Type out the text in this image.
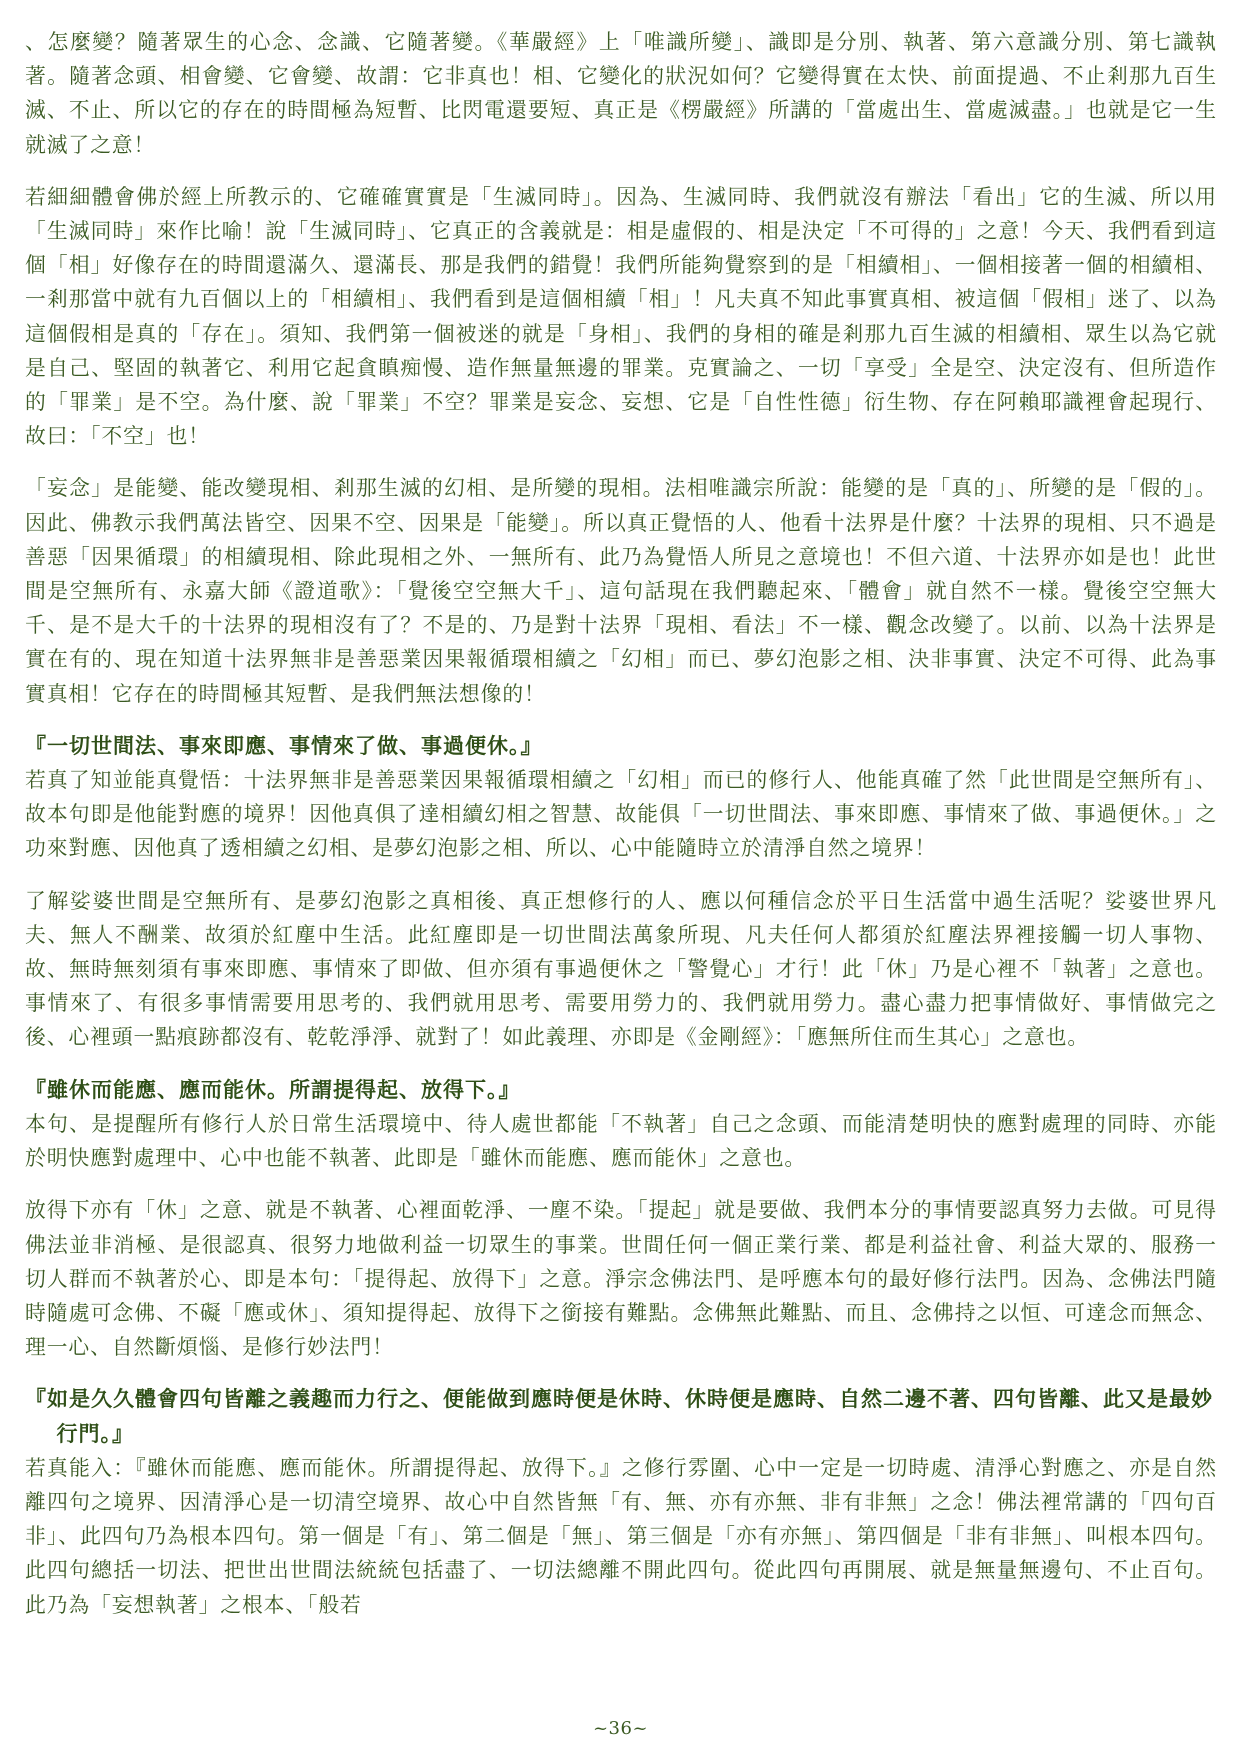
、怎麼變？隨著眾生的心念、念識、它隨著變。《華嚴經》上「唯識所變」、識即是分別、執著、第六意識分別、第七識執著。隨著念頭、相會變、它會變、故謂：它非真也！相、它變化的狀況如何？它變得實在太快、前面提過、不止剎那九百生滅、不止、所以它的存在的時間極為短暫、比閃電還要短、真正是《楞嚴經》所講的「當處出生、當處滅盡。」也就是它一生就滅了之意！

若細細體會佛於經上所教示的、它確確實實是「生滅同時」。因為、生滅同時、我們就沒有辦法「看出」它的生滅、所以用「生滅同時」來作比喻！說「生滅同時」、它真正的含義就是：相是虛假的、相是決定「不可得的」之意！今天、我們看到這個「相」好像存在的時間還滿久、還滿長、那是我們的錯覺！我們所能夠覺察到的是「相續相」、一個相接著一個的相續相、一剎那當中就有九百個以上的「相續相」、我們看到是這個相續「相」！凡夫真不知此事實真相、被這個「假相」迷了、以為這個假相是真的「存在」。須知、我們第一個被迷的就是「身相」、我們的身相的確是剎那九百生滅的相續相、眾生以為它就是自己、堅固的執著它、利用它起貪瞋痴慢、造作無量無邊的罪業。克實論之、一切「享受」全是空、決定沒有、但所造作的「罪業」是不空。為什麼、說「罪業」不空？罪業是妄念、妄想、它是「自性性德」衍生物、存在阿賴耶識裡會起現行、故曰：「不空」也！

「妄念」是能變、能改變現相、剎那生滅的幻相、是所變的現相。法相唯識宗所說：能變的是「真的」、所變的是「假的」。因此、佛教示我們萬法皆空、因果不空、因果是「能變」。所以真正覺悟的人、他看十法界是什麼？十法界的現相、只不過是善惡「因果循環」的相續現相、除此現相之外、一無所有、此乃為覺悟人所見之意境也！不但六道、十法界亦如是也！此世間是空無所有、永嘉大師《證道歌》：「覺後空空無大千」、這句話現在我們聽起來、「體會」就自然不一樣。覺後空空無大千、是不是大千的十法界的現相沒有了？不是的、乃是對十法界「現相、看法」不一樣、觀念改變了。以前、以為十法界是實在有的、現在知道十法界無非是善惡業因果報循環相續之「幻相」而已、夢幻泡影之相、決非事實、決定不可得、此為事實真相！它存在的時間極其短暫、是我們無法想像的！

『一切世間法、事來即應、事情來了做、事過便休。』

若真了知並能真覺悟：十法界無非是善惡業因果報循環相續之「幻相」而已的修行人、他能真確了然「此世間是空無所有」、故本句即是他能對應的境界！因他真俱了達相續幻相之智慧、故能俱「一切世間法、事來即應、事情來了做、事過便休。」之功來對應、因他真了透相續之幻相、是夢幻泡影之相、所以、心中能隨時立於清淨自然之境界！

了解娑婆世間是空無所有、是夢幻泡影之真相後、真正想修行的人、應以何種信念於平日生活當中過生活呢？娑婆世界凡夫、無人不酬業、故須於紅塵中生活。此紅塵即是一切世間法萬象所現、凡夫任何人都須於紅塵法界裡接觸一切人事物、故、無時無刻須有事來即應、事情來了即做、但亦須有事過便休之「警覺心」才行！此「休」乃是心裡不「執著」之意也。事情來了、有很多事情需要用思考的、我們就用思考、需要用勞力的、我們就用勞力。盡心盡力把事情做好、事情做完之後、心裡頭一點痕跡都沒有、乾乾淨淨、就對了！如此義理、亦即是《金剛經》：「應無所住而生其心」之意也。

『雖休而能應、應而能休。所謂提得起、放得下。』

本句、是提醒所有修行人於日常生活環境中、待人處世都能「不執著」自己之念頭、而能清楚明快的應對處理的同時、亦能於明快應對處理中、心中也能不執著、此即是「雖休而能應、應而能休」之意也。

放得下亦有「休」之意、就是不執著、心裡面乾淨、一塵不染。「提起」就是要做、我們本分的事情要認真努力去做。可見得佛法並非消極、是很認真、很努力地做利益一切眾生的事業。世間任何一個正業行業、都是利益社會、利益大眾的、服務一切人群而不執著於心、即是本句：「提得起、放得下」之意。淨宗念佛法門、是呼應本句的最好修行法門。因為、念佛法門隨時隨處可念佛、不礙「應或休」、須知提得起、放得下之銜接有難點。念佛無此難點、而且、念佛持之以恒、可達念而無念、理一心、自然斷煩惱、是修行妙法門！

『如是久久體會四句皆離之義趣而力行之、便能做到應時便是休時、休時便是應時、自然二邊不著、四句皆離、此又是最妙行門。』

若真能入：『雖休而能應、應而能休。所謂提得起、放得下。』之修行雰圍、心中一定是一切時處、清淨心對應之、亦是自然離四句之境界、因清淨心是一切清空境界、故心中自然皆無「有、無、亦有亦無、非有非無」之念！佛法裡常講的「四句百非」、此四句乃為根本四句。第一個是「有」、第二個是「無」、第三個是「亦有亦無」、第四個是「非有非無」、叫根本四句。此四句總括一切法、把世出世間法統統包括盡了、一切法總離不開此四句。從此四句再開展、就是無量無邊句、不止百句。此乃為「妄想執著」之根本、「般若

~36~
